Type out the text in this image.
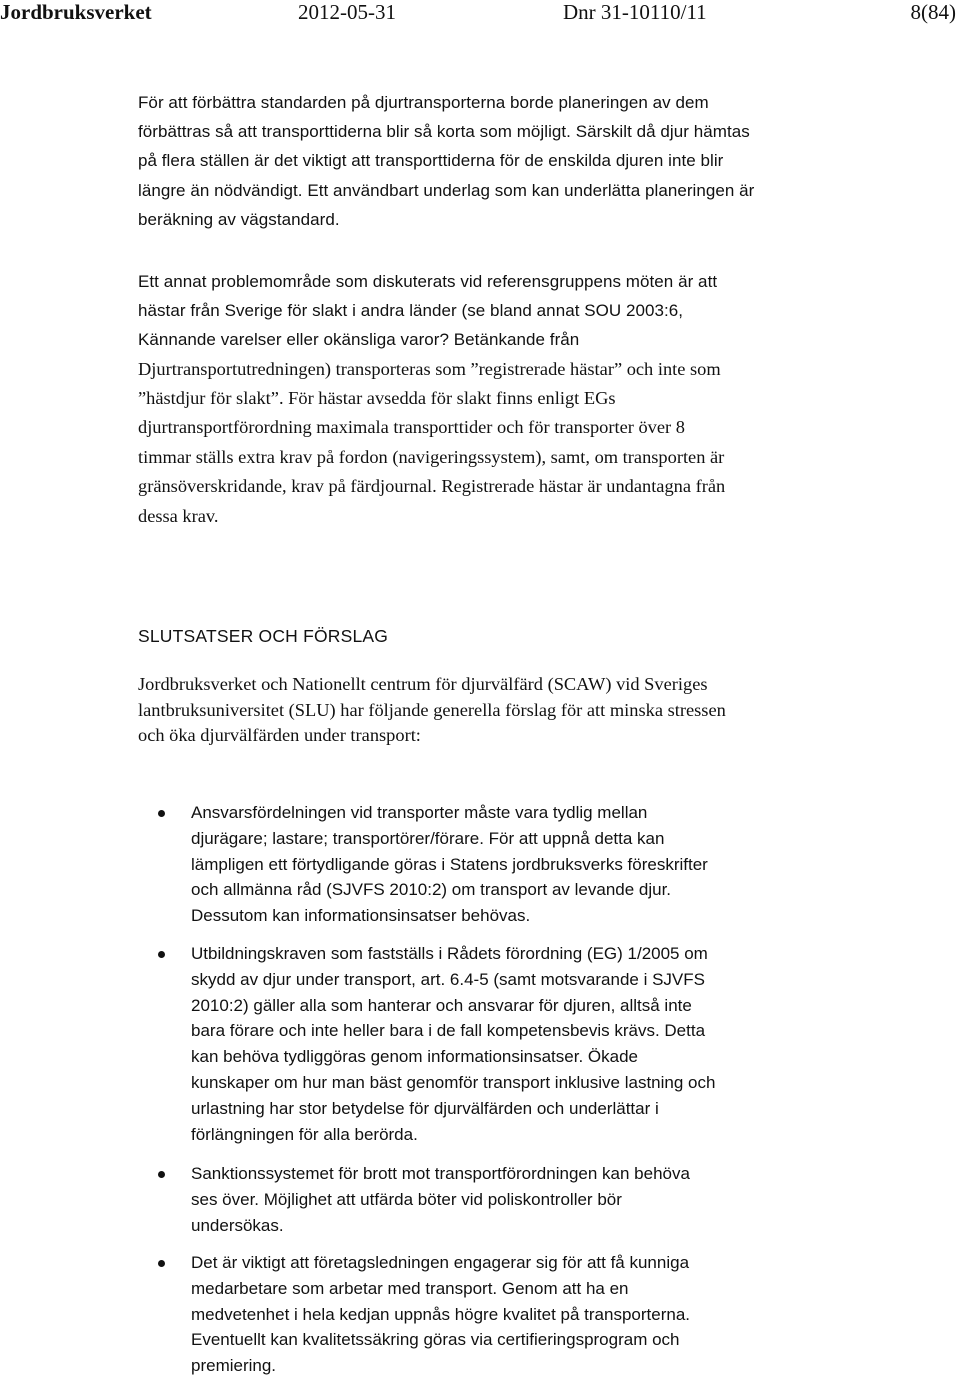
Jordbruksverket	2012-05-31	Dnr 31-10110/11	8(84)

För att förbättra standarden på djurtransporterna borde planeringen av dem
förbättras så att transporttiderna blir så korta som möjligt. Särskilt då djur hämtas
på flera ställen är det viktigt att transporttiderna för de enskilda djuren inte blir
längre än nödvändigt. Ett användbart underlag som kan underlätta planeringen är
beräkning av vägstandard.

Ett annat problemområde som diskuterats vid referensgruppens möten är att
hästar från Sverige för slakt i andra länder (se bland annat SOU 2003:6,
Kännande varelser eller okänsliga varor? Betänkande från
Djurtransportutredningen) transporteras som ”registrerade hästar” och inte som
”hästdjur för slakt”. För hästar avsedda för slakt finns enligt EGs
djurtransportförordning maximala transporttider och för transporter över 8
timmar ställs extra krav på fordon (navigeringssystem), samt, om transporten är
gränsöverskridande, krav på färdjournal. Registrerade hästar är undantagna från
dessa krav.

SLUTSATSER OCH FÖRSLAG

Jordbruksverket och Nationellt centrum för djurvälfärd (SCAW) vid Sveriges
lantbruksuniversitet (SLU) har följande generella förslag för att minska stressen
och öka djurvälfärden under transport:

Ansvarsfördelningen vid transporter måste vara tydlig mellan
djurägare; lastare; transportörer/förare. För att uppnå detta kan
lämpligen ett förtydligande göras i Statens jordbruksverks föreskrifter
och allmänna råd (SJVFS 2010:2) om transport av levande djur.
Dessutom kan informationsinsatser behövas.
Utbildningskraven som fastställs i Rådets förordning (EG) 1/2005 om
skydd av djur under transport, art. 6.4-5 (samt motsvarande i SJVFS
2010:2) gäller alla som hanterar och ansvarar för djuren, alltså inte
bara förare och inte heller bara i de fall kompetensbevis krävs. Detta
kan behöva tydliggöras genom informationsinsatser. Ökade
kunskaper om hur man bäst genomför transport inklusive lastning och
urlastning har stor betydelse för djurvälfärden och underlättar i
förlängningen för alla berörda.
Sanktionssystemet för brott mot transportförordningen kan behöva
ses över. Möjlighet att utfärda böter vid poliskontroller bör
undersökas.
Det är viktigt att företagsledningen engagerar sig för att få kunniga
medarbetare som arbetar med transport. Genom att ha en
medvetenhet i hela kedjan uppnås högre kvalitet på transporterna.
Eventuellt kan kvalitetssäkring göras via certifieringsprogram och
premiering.
